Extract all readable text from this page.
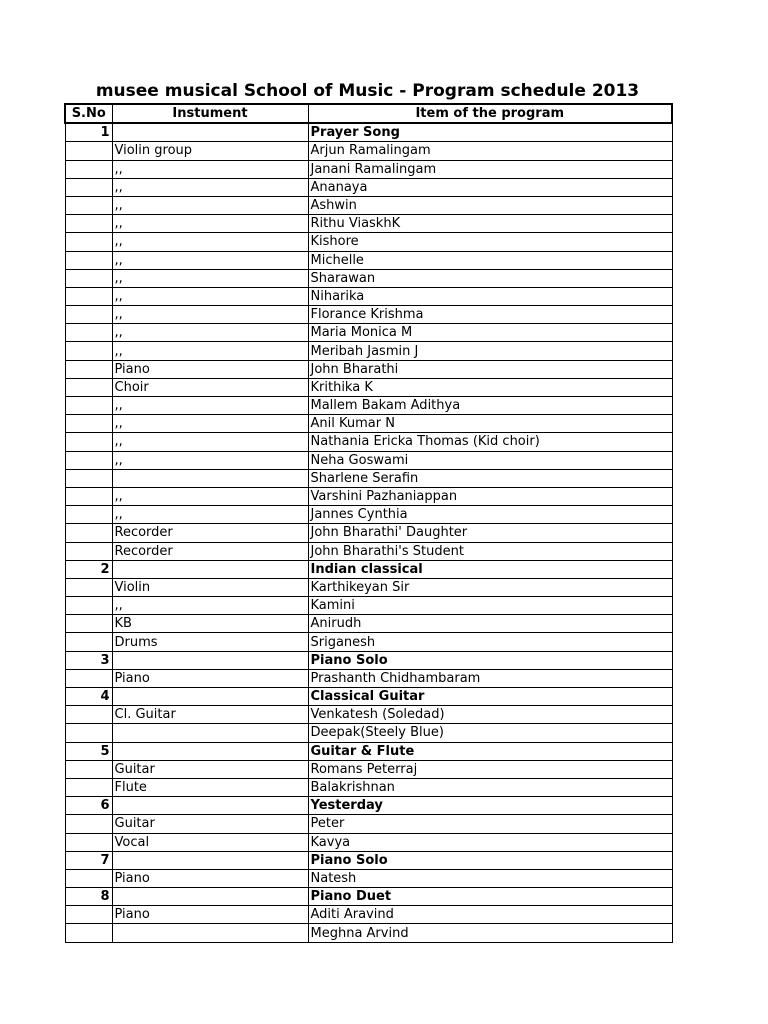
musee musical School of Music - Program schedule 2013
S.No	Instument	Item of the program
1		Prayer Song
	Violin group	Arjun Ramalingam
	,,	Janani Ramalingam
	,,	Ananaya
	,,	Ashwin
	,,	Rithu ViaskhK
	,,	Kishore
	,,	Michelle
	,,	Sharawan
	,,	Niharika
	,,	Florance Krishma
	,,	Maria Monica M
	,,	Meribah Jasmin J
	Piano	John Bharathi
	Choir	Krithika K
	,,	Mallem Bakam Adithya
	,,	Anil Kumar N
	,,	Nathania Ericka Thomas (Kid choir)
	,,	Neha Goswami
		Sharlene Serafin
	,,	Varshini Pazhaniappan
	,,	Jannes Cynthia
	Recorder	John Bharathi' Daughter
	Recorder	John Bharathi's Student
2		Indian classical
	Violin	Karthikeyan Sir
	,,	Kamini
	KB	Anirudh
	Drums	Sriganesh
3		Piano Solo
	Piano	Prashanth Chidhambaram
4		Classical Guitar
	Cl. Guitar	Venkatesh (Soledad)
		Deepak(Steely Blue)
5		Guitar & Flute
	Guitar	Romans Peterraj
	Flute	Balakrishnan
6		Yesterday
	Guitar	Peter
	Vocal	Kavya
7		Piano Solo
	Piano	Natesh
8		Piano Duet
	Piano	Aditi Aravind
		Meghna Arvind
